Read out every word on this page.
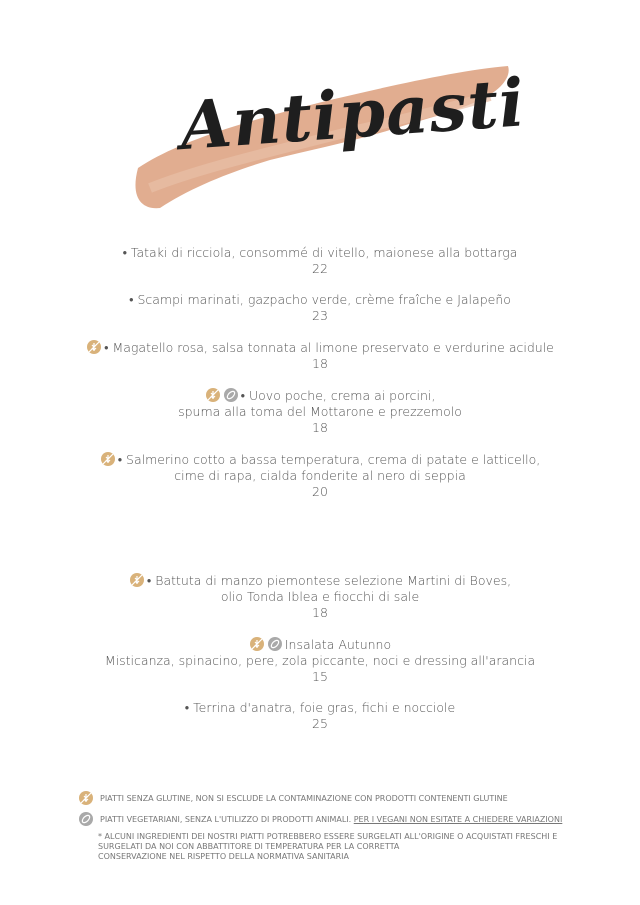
Antipasti
• Tataki di ricciola, consommé di vitello, maionese alla bottarga
22
• Scampi marinati, gazpacho verde, crème fraîche e Jalapeño
23
• Magatello rosa, salsa tonnata al limone preservato e verdurine acidule
18
• Uovo poche, crema ai porcini,
spuma alla toma del Mottarone e prezzemolo
18
• Salmerino cotto a bassa temperatura, crema di patate e latticello,
cime di rapa, cialda fonderite al nero di seppia
20
• Battuta di manzo piemontese selezione Martini di Boves,
olio Tonda Iblea e fiocchi di sale
18
Insalata Autunno
Misticanza, spinacino, pere, zola piccante, noci e dressing all'arancia
15
• Terrina d'anatra, foie gras, fichi e nocciole
25
PIATTI SENZA GLUTINE, NON SI ESCLUDE LA CONTAMINAZIONE CON PRODOTTI CONTENENTI GLUTINE
PIATTI VEGETARIANI, SENZA L'UTILIZZO DI PRODOTTI ANIMALI. PER I VEGANI NON ESITATE A CHIEDERE VARIAZIONI
* ALCUNI INGREDIENTI DEI NOSTRI PIATTI POTREBBERO ESSERE SURGELATI ALL'ORIGINE O ACQUISTATI FRESCHI E
SURGELATI DA NOI CON ABBATTITORE DI TEMPERATURA PER LA CORRETTA
CONSERVAZIONE NEL RISPETTO DELLA NORMATIVA SANITARIA
